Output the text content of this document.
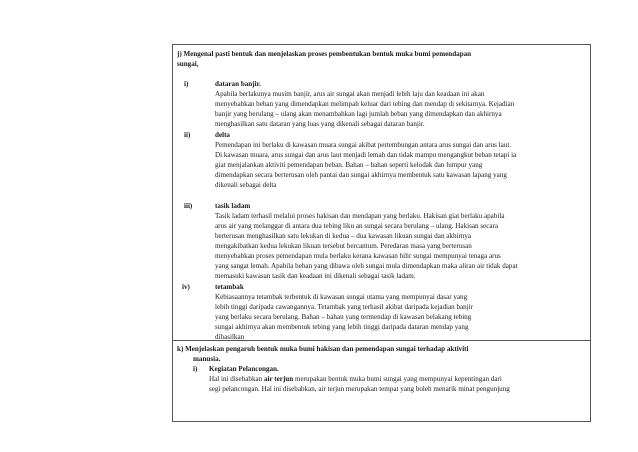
j) Mengenal pasti bentuk dan menjelaskan proses pembentukan bentuk muka bumi pemendapan
sungai,
i)	dataran banjir.
Apabila berlakunya musim banjir, arus air sungai akan menjadi lebih laju dan keadaan ini akan
menyebabkan beban yang dimendapkan melimpah keluar dari tebing dan mendap di sekitarnya. Kejadian
banjir yang berulang – ulang akan menambahkan lagi jumlah beban yang dimendapkan dan akhirnya
menghasilkan satu dataran yang luas yang dikenali sebagai dataran banjir.
ii)	delta
Pemendapan ini berlaku di kawasan muara sungai akibat pertembungan antara arus sungai dan arus laut.
Di kawasan muara, arus sungai dan arus laut menjadi lemah dan tidak mampu mengangkut beban tetapi ia
giat menjalankan aktiviti pemendapan beban. Bahan – bahan seperti kelodak dan lumpur yang
dimendapkan secara berterusan oleh pantai dan sungai akhirnya membentuk satu kawasan lapang yang
dikenali sebagai delta
iii)	tasik ladam
Tasik ladam terhasil melalui proses hakisan dan mendapan yang berlaku. Hakisan giat berlaku apabila
arus air yang melanggar di antara dua tebing liku an sungai secara berulang – ulang. Hakisan secara
berterusan menghasilkan satu lekukan di kedua – dua kawasan likuan sungai dan akhirnya
mengakibatkan kedua lekukan likuan tersebut bercantum. Peredaran masa yang berterusan
menyebabkan proses pemendapan mula berlaku kerana kawasan hilir sungai mempunyai tenaga arus
yang sangat lemah. Apabila beban yang dibawa oleh sungai mula dimendapkan maka aliran air tidak dapat
memasuki kawasan tasik dan keadaan ini dikenali sebagai tasik ladam.
iv)	tetambak
Kebiasaannya tetambak terbentuk di kawasan sungai utama yang mempunyai dasar yang
lebih tinggi daripada cawangannya. Tetambak yang terhasil akibat daripada kejadian banjir
yang berlaku secara berulang. Bahan – bahan yang termendap di kawasan belakang tebing
sungai akhirnya akan membentuk tebing yang lebih tinggi daripada dataran mendap yang
dihasilkan

k) Menjelaskan pengaruh bentuk muka bumi hakisan dan pemendapan sungai terhadap aktiviti
manusia.
i) Kegiatan Pelancongan.
Hal ini disebabkan air terjun merupakan bentuk muka bumi sungai yang mempunyai kepentingan dari
segi pelancongan. Hal ini disebabkan, air terjun merupakan tempat yang boleh menarik minat pengunjung
